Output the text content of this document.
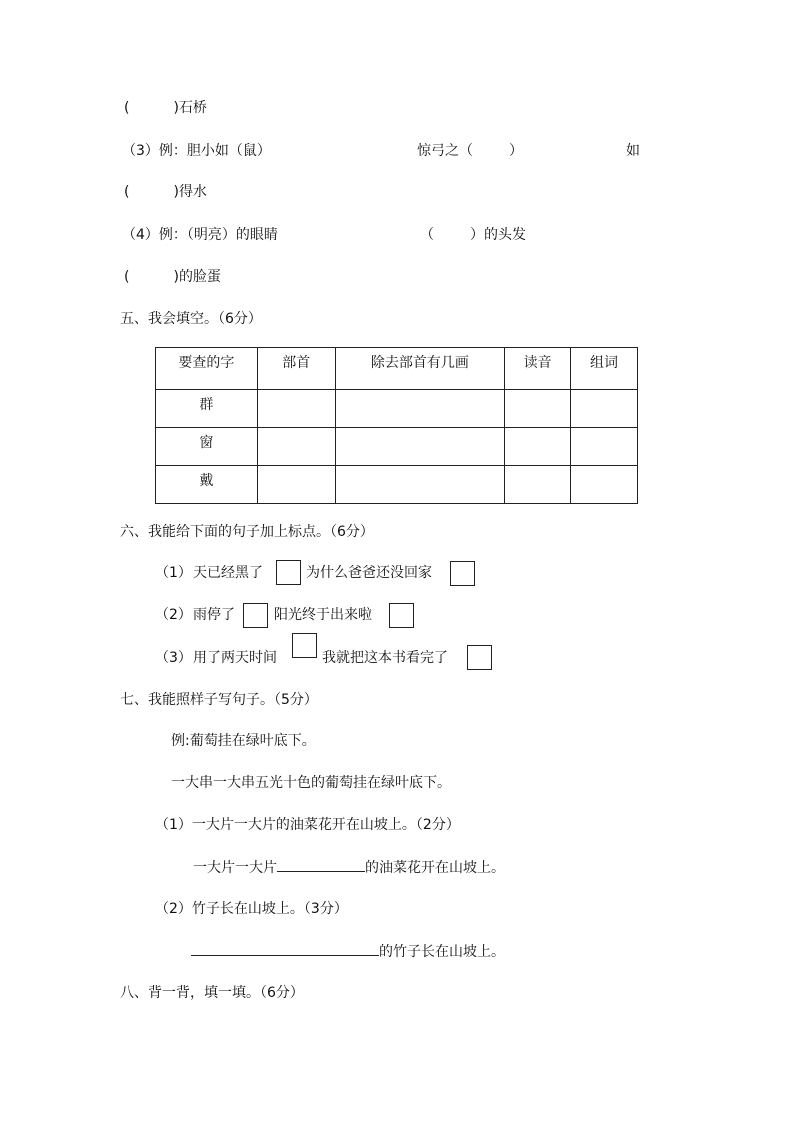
(	)石桥
（3）例：胆小如（鼠）	惊弓之（	）	如
(	)得水
（4）例：（明亮）的眼睛	（	）的头发
(	)的脸蛋
五、我会填空。（6分）
要查的字	部首	除去部首有几画	读音	组词
群				
窗				
戴				
六、我能给下面的句子加上标点。（6分）
（1） 天已经黑了	为什么爸爸还没回家
（2） 雨停了	阳光终于出来啦
（3） 用了两天时间	我就把这本书看完了
七、我能照样子写句子。（5分）
例:葡萄挂在绿叶底下。
一大串一大串五光十色的葡萄挂在绿叶底下。
（1）一大片一大片的油菜花开在山坡上。（2分）
一大片一大片	的油菜花开在山坡上。
（2）竹子长在山坡上。（3分）
的竹子长在山坡上。
八、背一背，填一填。（6分）
